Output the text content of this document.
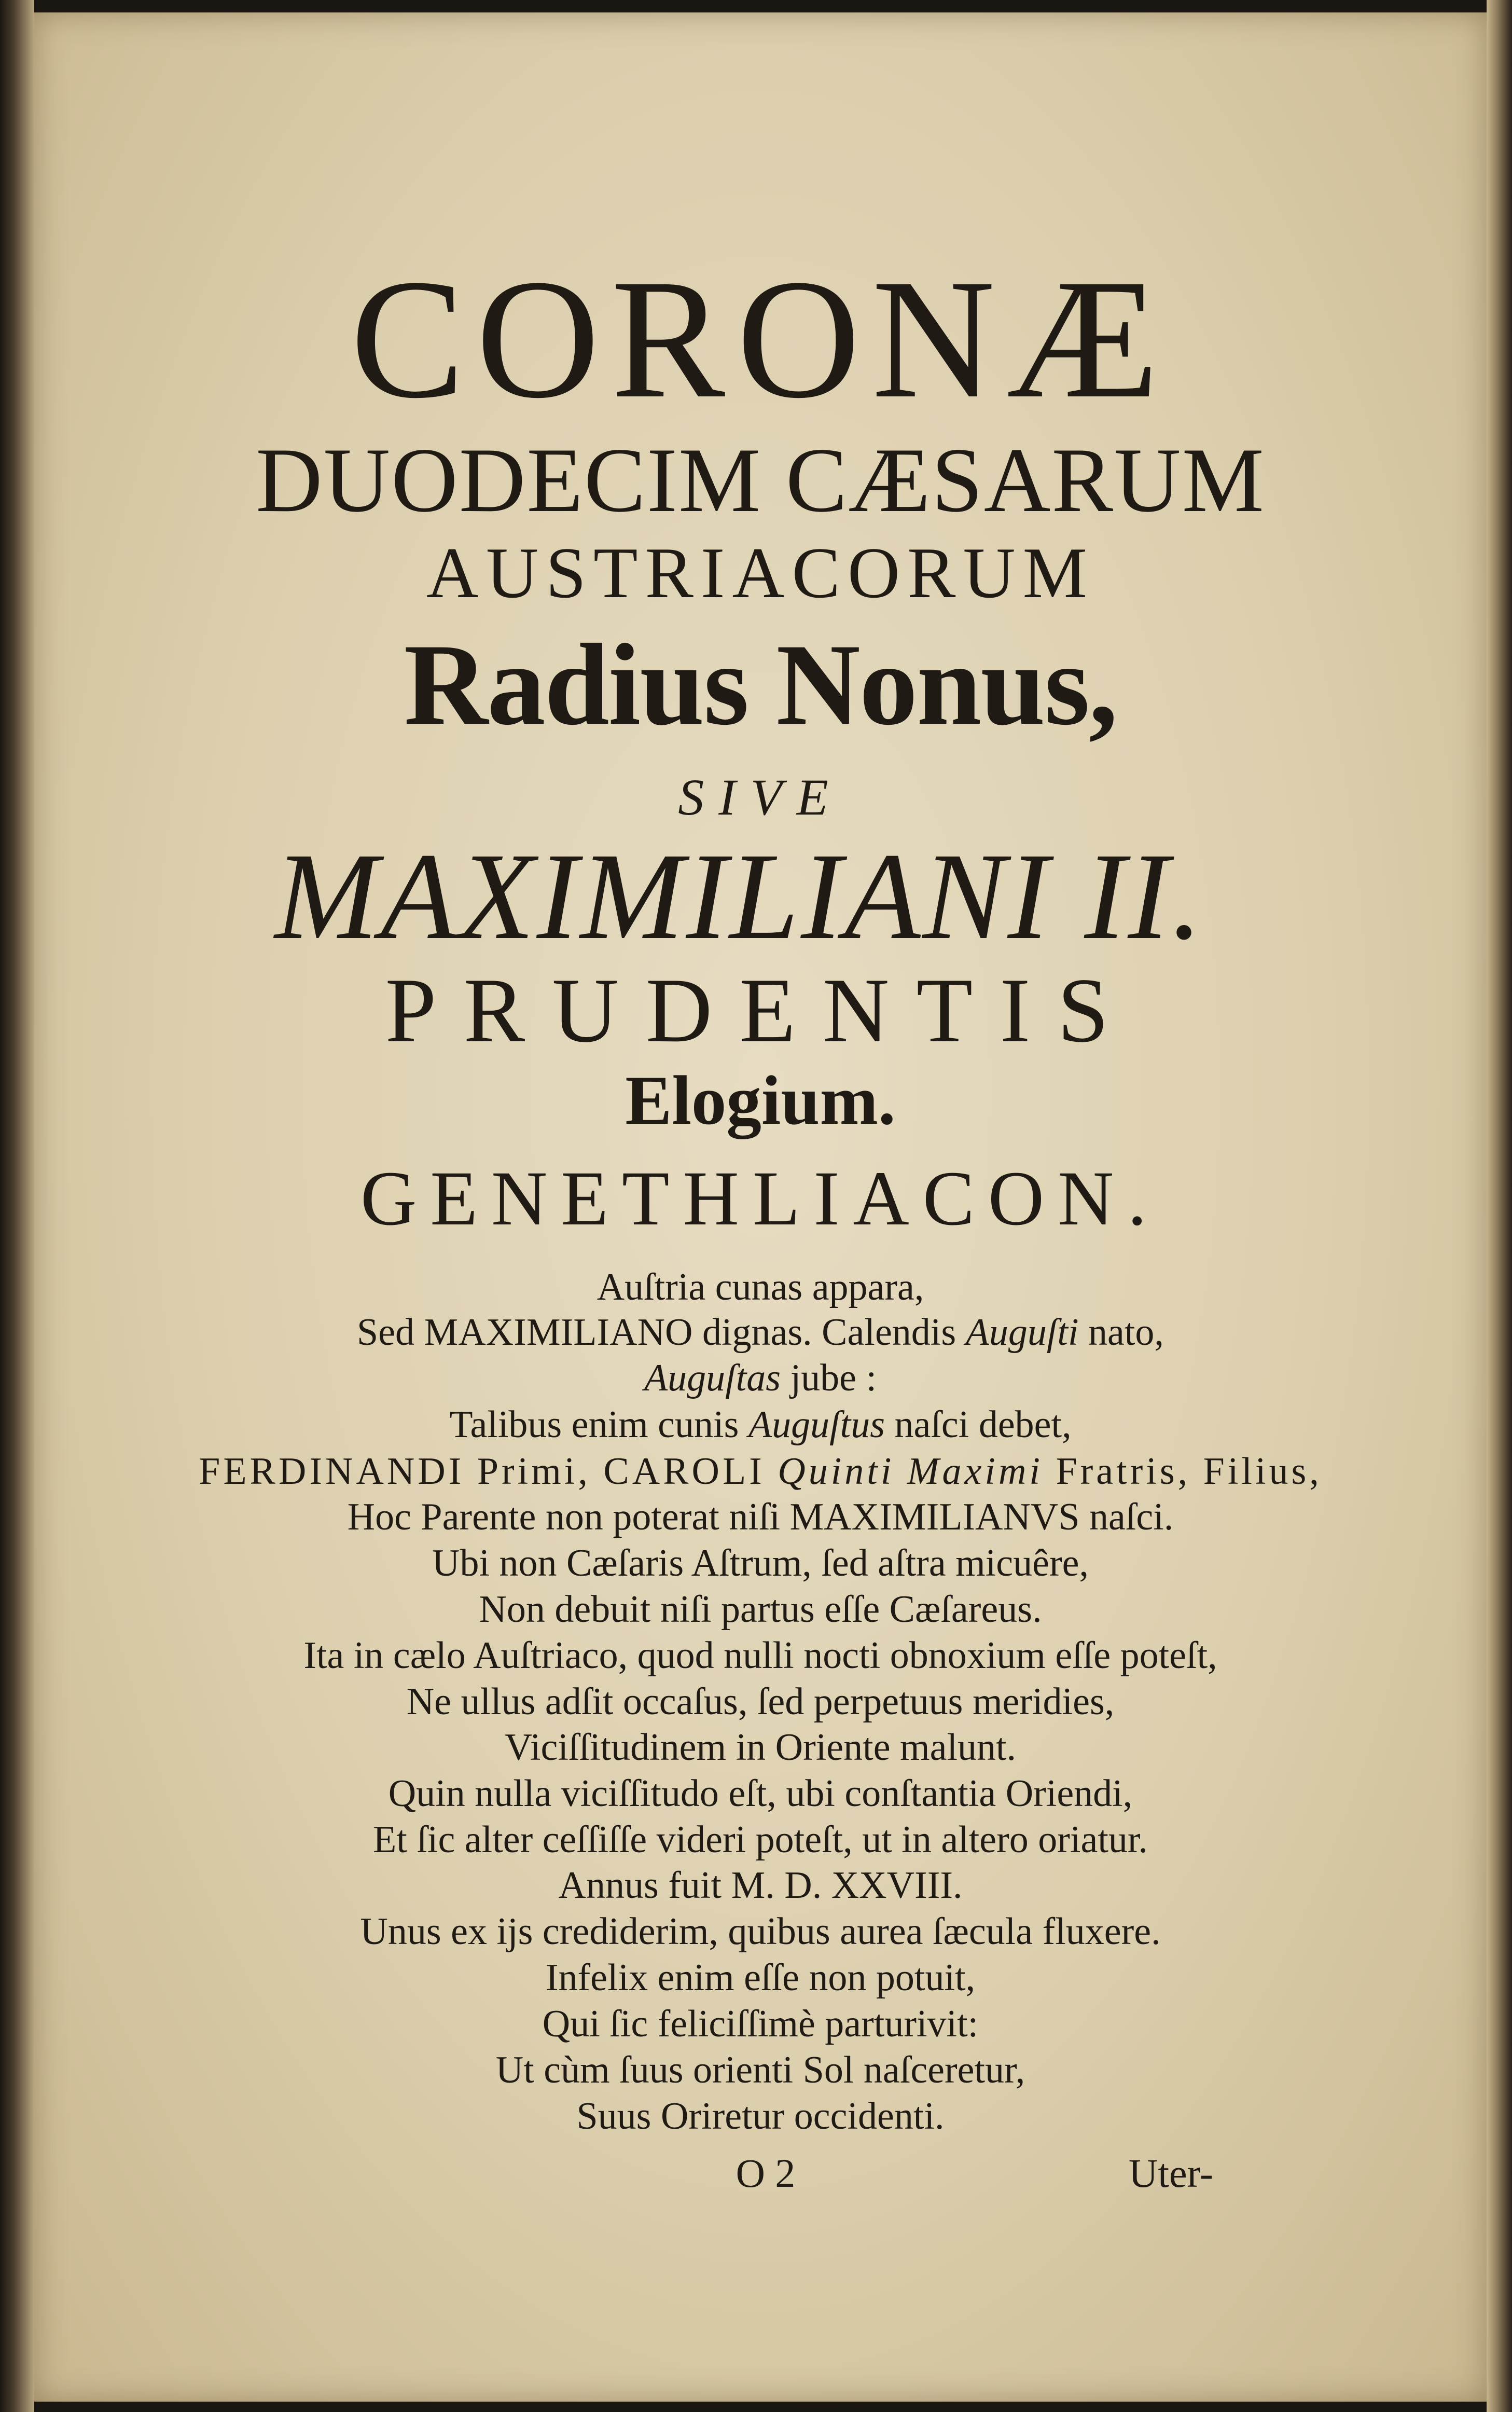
CORONÆ
DUODECIM CÆSARUM
AUSTRIACORUM
Radius Nonus,
SIVE
MAXIMILIANI II.
PRUDENTIS
Elogium.
GENETHLIACON.
Auſtria cunas appara,
Sed MAXIMILIANO dignas. Calendis Auguſti nato,
Auguſtas jube :
Talibus enim cunis Auguſtus naſci debet,
FERDINANDI Primi, CAROLI Quinti Maximi Fratris, Filius,
Hoc Parente non poterat niſi MAXIMILIANVS naſci.
Ubi non Cæſaris Aſtrum, ſed aſtra micuêre,
Non debuit niſi partus eſſe Cæſareus.
Ita in cælo Auſtriaco, quod nulli nocti obnoxium eſſe poteſt,
Ne ullus adſit occaſus, ſed perpetuus meridies,
Viciſſitudinem in Oriente malunt.
Quin nulla viciſſitudo eſt, ubi conſtantia Oriendi,
Et ſic alter ceſſiſſe videri poteſt, ut in altero oriatur.
Annus fuit M. D. XXVIII.
Unus ex ijs crediderim, quibus aurea ſæcula fluxere.
Infelix enim eſſe non potuit,
Qui ſic feliciſſimè parturivit:
Ut cùm ſuus orienti Sol naſceretur,
Suus Oriretur occidenti.
O 2	Uter-
